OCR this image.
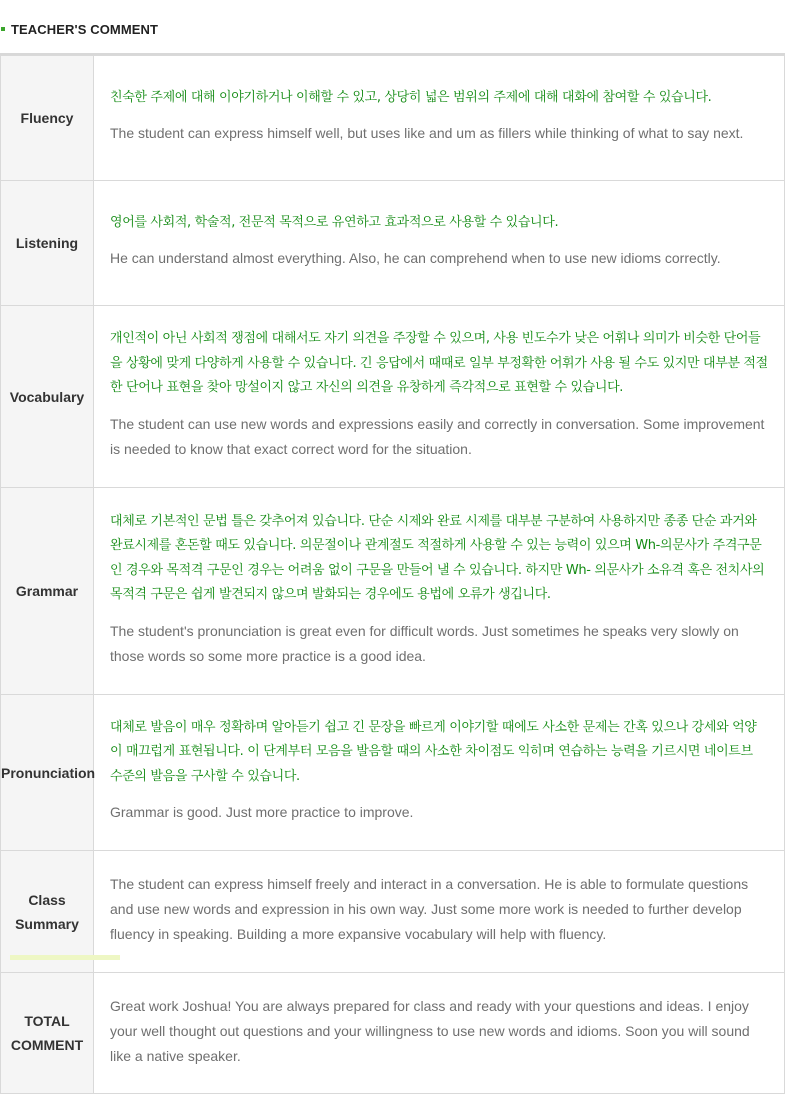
TEACHER'S COMMENT
Fluency	친숙한 주제에 대해 이야기하거나 이해할 수 있고, 상당히 넓은 범위의 주제에 대해 대화에 참여할 수 있습니다.

The student can express himself well, but uses like and um as fillers while thinking of what to say next.

Listening	영어를 사회적, 학술적, 전문적 목적으로 유연하고 효과적으로 사용할 수 있습니다.

He can understand almost everything. Also, he can comprehend when to use new idioms correctly.

Vocabulary	개인적이 아닌 사회적 쟁점에 대해서도 자기 의견을 주장할 수 있으며, 사용 빈도수가 낮은 어휘나 의미가 비슷한 단어들을 상황에 맞게 다양하게 사용할 수 있습니다. 긴 응답에서 때때로 일부 부정확한 어휘가 사용 될 수도 있지만 대부분 적절한 단어나 표현을 찾아 망설이지 않고 자신의 의견을 유창하게 즉각적으로 표현할 수 있습니다.

The student can use new words and expressions easily and correctly in conversation. Some improvement is needed to know that exact correct word for the situation.

Grammar	대체로 기본적인 문법 틀은 갖추어져 있습니다. 단순 시제와 완료 시제를 대부분 구분하여 사용하지만 종종 단순 과거와 완료시제를 혼돈할 때도 있습니다. 의문절이나 관계절도 적절하게 사용할 수 있는 능력이 있으며 Wh-의문사가 주격구문인 경우와 목적격 구문인 경우는 어려움 없이 구문을 만들어 낼 수 있습니다. 하지만 Wh- 의문사가 소유격 혹은 전치사의 목적격 구문은 쉽게 발견되지 않으며 발화되는 경우에도 용법에 오류가 생깁니다.

The student's pronunciation is great even for difficult words. Just sometimes he speaks very slowly on those words so some more practice is a good idea.

Pronunciation	대체로 발음이 매우 정확하며 알아듣기 쉽고 긴 문장을 빠르게 이야기할 때에도 사소한 문제는 간혹 있으나 강세와 억양이 매끄럽게 표현됩니다. 이 단계부터 모음을 발음할 때의 사소한 차이점도 익히며 연습하는 능력을 기르시면 네이트브 수준의 발음을 구사할 수 있습니다.

Grammar is good. Just more practice to improve.

Class
Summary	The student can express himself freely and interact in a conversation. He is able to formulate questions and use new words and expression in his own way. Just some more work is needed to further develop fluency in speaking. Building a more expansive vocabulary will help with fluency.

TOTAL
COMMENT	Great work Joshua! You are always prepared for class and ready with your questions and ideas. I enjoy your well thought out questions and your willingness to use new words and idioms. Soon you will sound like a native speaker.
